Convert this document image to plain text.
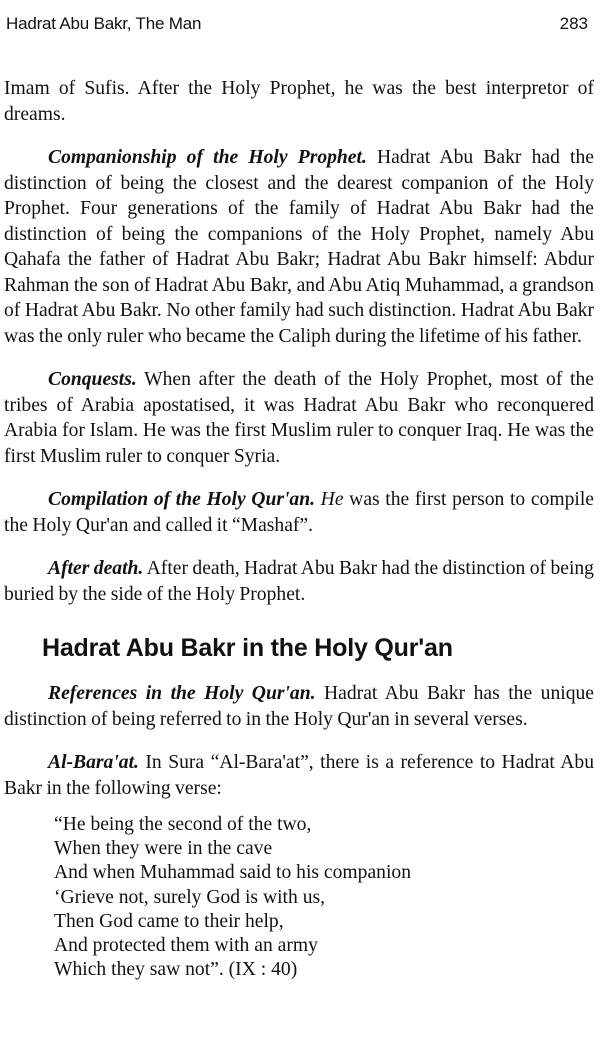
Hadrat Abu Bakr, The Man	283

Imam of Sufis. After the Holy Prophet, he was the best interpretor of dreams.

Companionship of the Holy Prophet. Hadrat Abu Bakr had the distinction of being the closest and the dearest companion of the Holy Prophet. Four generations of the family of Hadrat Abu Bakr had the distinction of being the companions of the Holy Prophet, namely Abu Qahafa the father of Hadrat Abu Bakr; Hadrat Abu Bakr himself: Abdur Rahman the son of Hadrat Abu Bakr, and Abu Atiq Muhammad, a grandson of Hadrat Abu Bakr. No other family had such distinction. Hadrat Abu Bakr was the only ruler who became the Caliph during the lifetime of his father.

Conquests. When after the death of the Holy Prophet, most of the tribes of Arabia apostatised, it was Hadrat Abu Bakr who reconquered Arabia for Islam. He was the first Muslim ruler to conquer Iraq. He was the first Muslim ruler to conquer Syria.

Compilation of the Holy Qur'an. He was the first person to compile the Holy Qur'an and called it “Mashaf”.

After death. After death, Hadrat Abu Bakr had the distinction of being buried by the side of the Holy Prophet.

Hadrat Abu Bakr in the Holy Qur'an

References in the Holy Qur'an. Hadrat Abu Bakr has the unique distinction of being referred to in the Holy Qur'an in several verses.

Al-Bara'at. In Sura “Al-Bara'at”, there is a reference to Hadrat Abu Bakr in the following verse:

“He being the second of the two,
When they were in the cave
And when Muhammad said to his companion
‘Grieve not, surely God is with us,
Then God came to their help,
And protected them with an army
Which they saw not”. (IX : 40)
